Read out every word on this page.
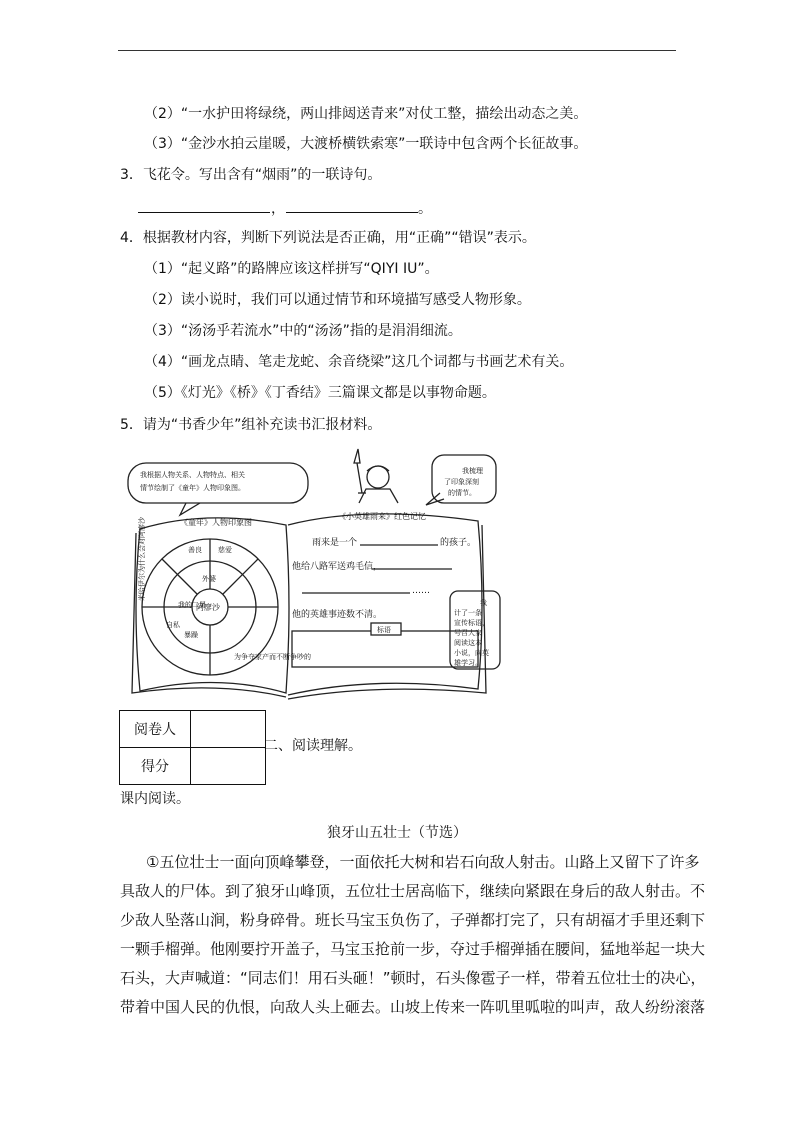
（2）“一水护田将绿绕，两山排闼送青来”对仗工整，描绘出动态之美。
（3）“金沙水拍云崖暖，大渡桥横铁索寒”一联诗中包含两个长征故事。
3．飞花令。写出含有“烟雨”的一联诗句。
，	。
4．根据教材内容，判断下列说法是否正确，用“正确”“错误”表示。
（1）“起义路”的路牌应该这样拼写“QIYI IU”。
（2）读小说时，我们可以通过情节和环境描写感受人物形象。
（3）“汤汤乎若流水”中的“汤汤”指的是涓涓细流。
（4）“画龙点睛、笔走龙蛇、余音绕梁”这几个词都与书画艺术有关。
（5）《灯光》《桥》《丁香结》三篇课文都是以事物命题。
5．请为“书香少年”组补充读书汇报材料。
我根据人物关系、人物特点、相关
情节绘制了《童年》人物印象图。
我梳理
了印象深刻
的情节。
《童年》人物印象图
阿廖沙
外婆
我的二舅
善良 慈爱
自私
暴躁
米哈伊尔为什么会对阿廖沙
为争夺家产而不断争吵的
《小英雄雨来》红色记忆
雨来是一个	的孩子。
他给八路军送鸡毛信，
……
他的英雄事迹数不清。
标语
我
计了一条
宣传标语，
号召大家
阅读这本
小说，向英
雄学习。
阅卷人	
得分	
二、阅读理解。
课内阅读。
狼牙山五壮士（节选）
①五位壮士一面向顶峰攀登，一面依托大树和岩石向敌人射击。山路上又留下了许多
具敌人的尸体。到了狼牙山峰顶，五位壮士居高临下，继续向紧跟在身后的敌人射击。不
少敌人坠落山涧，粉身碎骨。班长马宝玉负伤了，子弹都打完了，只有胡福才手里还剩下
一颗手榴弹。他刚要拧开盖子，马宝玉抢前一步，夺过手榴弹插在腰间，猛地举起一块大
石头，大声喊道：“同志们！用石头砸！”顿时，石头像雹子一样，带着五位壮士的决心，
带着中国人民的仇恨，向敌人头上砸去。山坡上传来一阵叽里呱啦的叫声，敌人纷纷滚落
